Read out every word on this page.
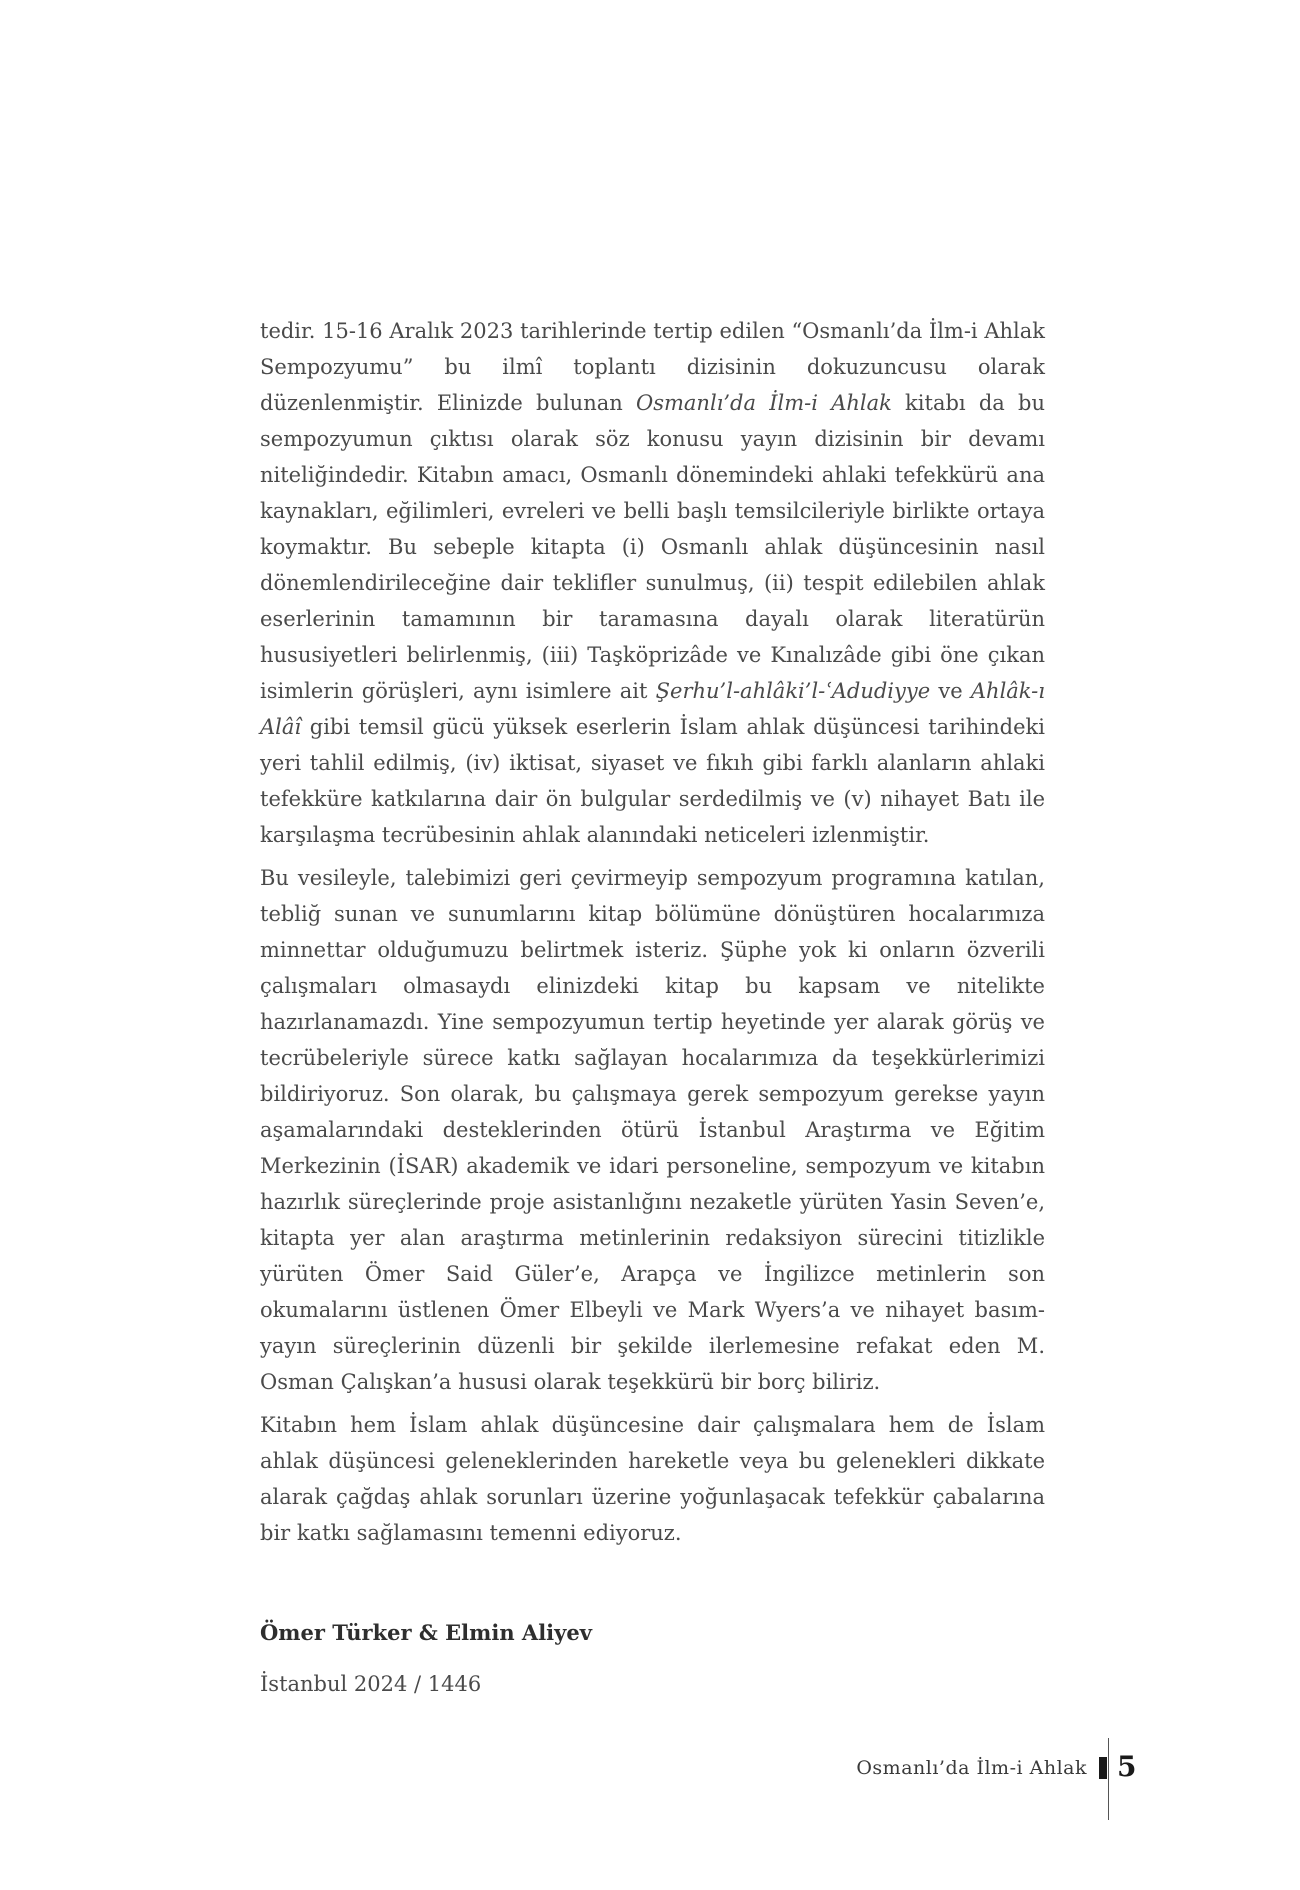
tedir. 15-16 Aralık 2023 tarihlerinde tertip edilen “Osmanlı’da İlm-i Ahlak Sempozyumu” bu ilmî toplantı dizisinin dokuzuncusu olarak düzenlenmiştir. Elinizde bulunan Osmanlı’da İlm-i Ahlak kitabı da bu sempozyumun çıktısı olarak söz konusu yayın dizisinin bir devamı niteliğindedir. Kitabın amacı, Osmanlı dönemindeki ahlaki tefekkürü ana kaynakları, eğilimleri, evreleri ve belli başlı temsilcileriyle birlikte ortaya koymaktır. Bu sebeple kitapta (i) Osmanlı ahlak düşüncesinin nasıl dönemlendirileceğine dair teklifler sunulmuş, (ii) tespit edilebilen ahlak eserlerinin tamamının bir taramasına dayalı olarak literatürün hususiyetleri belirlenmiş, (iii) Taşköprizâde ve Kınalızâde gibi öne çıkan isimlerin görüşleri, aynı isimlere ait Şerhu’l-ahlâki’l-ʿAdudiyye ve Ahlâk-ı Alâî gibi temsil gücü yüksek eserlerin İslam ahlak düşüncesi tarihindeki yeri tahlil edilmiş, (iv) iktisat, siyaset ve fıkıh gibi farklı alanların ahlaki tefekküre katkılarına dair ön bulgular serdedilmiş ve (v) nihayet Batı ile karşılaşma tecrübesinin ahlak alanındaki neticeleri izlenmiştir.

Bu vesileyle, talebimizi geri çevirmeyip sempozyum programına katılan, tebliğ sunan ve sunumlarını kitap bölümüne dönüştüren hocalarımıza minnettar olduğumuzu belirtmek isteriz. Şüphe yok ki onların özverili çalışmaları olmasaydı elinizdeki kitap bu kapsam ve nitelikte hazırlanamazdı. Yine sempozyumun tertip heyetinde yer alarak görüş ve tecrübeleriyle sürece katkı sağlayan hocalarımıza da teşekkürlerimizi bildiriyoruz. Son olarak, bu çalışmaya gerek sempozyum gerekse yayın aşamalarındaki desteklerinden ötürü İstanbul Araştırma ve Eğitim Merkezinin (İSAR) akademik ve idari personeline, sempozyum ve kitabın hazırlık süreçlerinde proje asistanlığını nezaketle yürüten Yasin Seven’e, kitapta yer alan araştırma metinlerinin redaksiyon sürecini titizlikle yürüten Ömer Said Güler’e, Arapça ve İngilizce metinlerin son okumalarını üstlenen Ömer Elbeyli ve Mark Wyers’a ve nihayet basım-yayın süreçlerinin düzenli bir şekilde ilerlemesine refakat eden M. Osman Çalışkan’a hususi olarak teşekkürü bir borç biliriz.

Kitabın hem İslam ahlak düşüncesine dair çalışmalara hem de İslam ahlak düşüncesi geleneklerinden hareketle veya bu gelenekleri dikkate alarak çağdaş ahlak sorunları üzerine yoğunlaşacak tefekkür çabalarına bir katkı sağlamasını temenni ediyoruz.

Ömer Türker & Elmin Aliyev
İstanbul 2024 / 1446
Osmanlı’da İlm-i Ahlak 5
